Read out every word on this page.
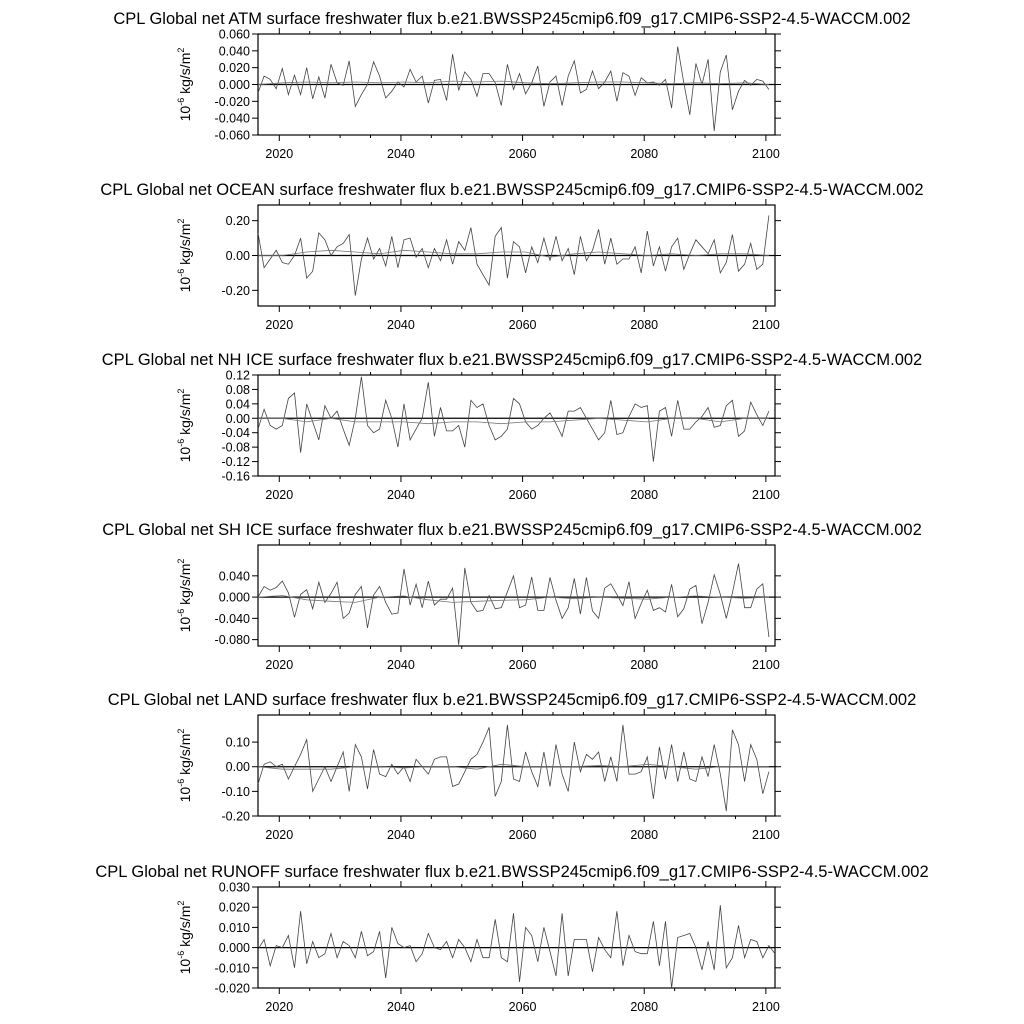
CPL Global net ATM surface freshwater flux b.e21.BWSSP245cmip6.f09_g17.CMIP6-SSP2-4.5-WACCM.002
$10^{-6}$ $kg/s/m^2$
2020	2040	2060	2080	2100
0.060
0.040
0.020
0.000
-0.020
-0.040
-0.060
CPL Global net OCEAN surface freshwater flux b.e21.BWSSP245cmip6.f09_g17.CMIP6-SSP2-4.5-WACCM.002
$10^{-6}$ $kg/s/m^2$
2020	2040	2060	2080	2100
0.20
0.00
-0.20
CPL Global net NH ICE surface freshwater flux b.e21.BWSSP245cmip6.f09_g17.CMIP6-SSP2-4.5-WACCM.002
$10^{-6}$ $kg/s/m^2$
2020	2040	2060	2080	2100
0.12
0.08
0.04
0.00
-0.04
-0.08
-0.12
-0.16
CPL Global net SH ICE surface freshwater flux b.e21.BWSSP245cmip6.f09_g17.CMIP6-SSP2-4.5-WACCM.002
$10^{-6}$ $kg/s/m^2$
2020	2040	2060	2080	2100
0.040
0.000
-0.040
-0.080
CPL Global net LAND surface freshwater flux b.e21.BWSSP245cmip6.f09_g17.CMIP6-SSP2-4.5-WACCM.002
$10^{-6}$ $kg/s/m^2$
2020	2040	2060	2080	2100
0.10
0.00
-0.10
-0.20
CPL Global net RUNOFF surface freshwater flux b.e21.BWSSP245cmip6.f09_g17.CMIP6-SSP2-4.5-WACCM.002
$10^{-6}$ $kg/s/m^2$
2020	2040	2060	2080	2100
0.030
0.020
0.010
0.000
-0.010
-0.020
